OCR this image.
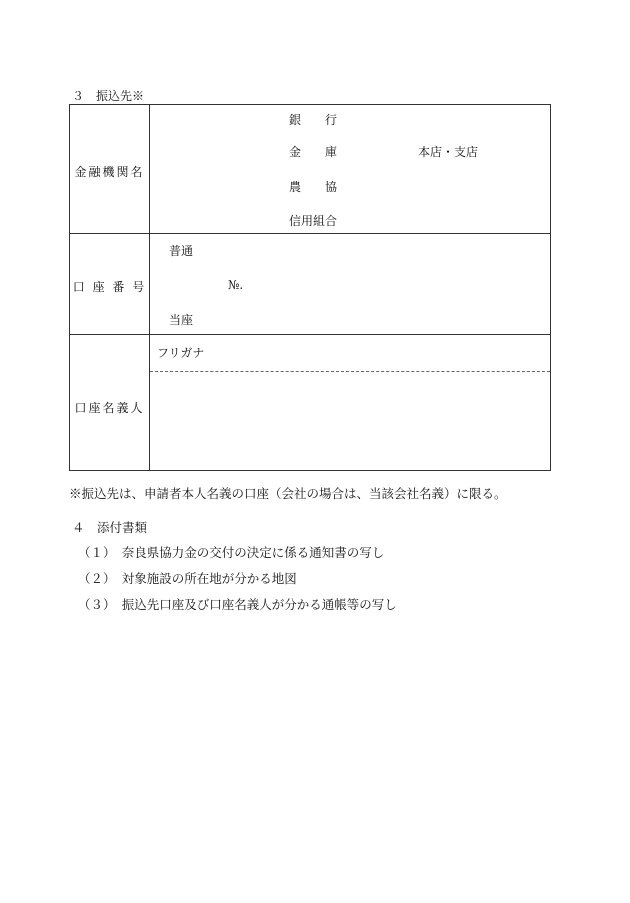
３　振込先※
金融機関名
銀　　行
金　　庫
農　　協
信用組合
本店・支店
口 座 番 号
普通
№.
当座
口座名義人
フリガナ
※振込先は、申請者本人名義の口座（会社の場合は、当該会社名義）に限る。
４　添付書類
（１）　奈良県協力金の交付の決定に係る通知書の写し
（２）　対象施設の所在地が分かる地図
（３）　振込先口座及び口座名義人が分かる通帳等の写し
